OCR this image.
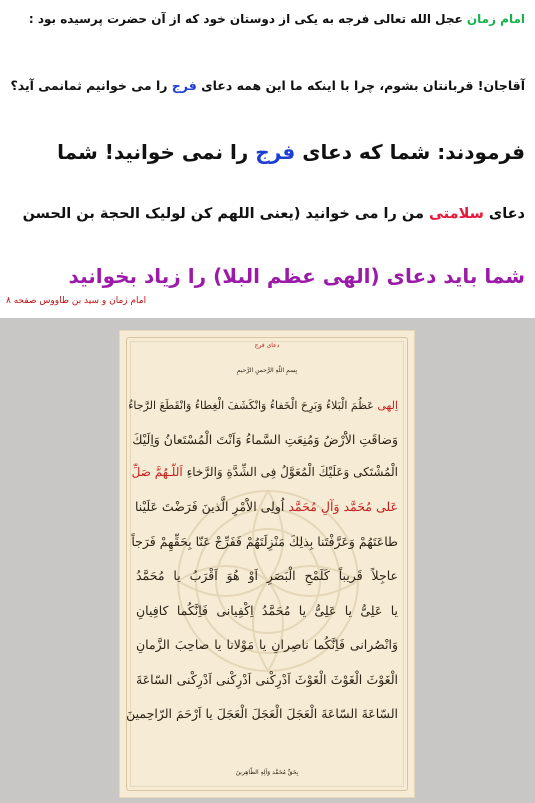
امام زمان عجل الله تعالی فرجه به یکی از دوستان خود که از آن حضرت پرسیده بود :
آقاجان! قربانتان بشوم، چرا با اینکه ما این همه دعای فرج را می خوانیم ثمانمی آید؟
فرمودند: شما که دعای فرج را نمی خوانید! شما
دعای سلامتی من را می خوانید (یعنی اللهم کن لولیک الحجة بن الحسن
شما باید دعای (الهی عظم البلا) را زیاد بخوانید
امام زمان و سید بن طاووس صفحه ۸
دعای فرج
بِسمِ اللّهِ الرَّحمنِ الرَّحيمِ
اِلهى عَظُمَ الْبَلاءُ وَبَرِحَ الْخَفاءُ وَانْكَشَفَ الْغِطاءُ وَانْقَطَعَ الرَّجاءُ
وَضاقَتِ الاَْرْضُ وَمُنِعَتِ السَّماءُ وَاَنْتَ الْمُسْتَعانُ وَاِلَيْكَ
الْمُشْتَكى وَعَلَيْكَ الْمُعَوَّلُ فِى الشِّدَّةِ وَالرَّخاءِ اَللّـهُمَّ صَلِّ
عَلى مُحَمَّد وَآلِ مُحَمَّد اُولِى الاَْمْرِ الَّذينَ فَرَضْتَ عَلَيْنا
طاعَتَهُمْ وَعَرَّفْتَنا بِذلِكَ مَنْزِلَتَهُمْ فَفَرِّجْ عَنّا بِحَقِّهِمْ فَرَجاً
عاجِلاً قَريباً كَلَمْحِ الْبَصَرِ اَوْ هُوَ اَقْرَبُ يا مُحَمَّدُ
يا عَلِىُّ يا عَلِىُّ يا مُحَمَّدُ اِكْفِيانى فَاِنَّكُما كافِيانِ
وَانْصُرانى فَاِنَّكُما ناصِرانِ يا مَوْلانا يا صاحِبَ الزَّمانِ
الْغَوْثَ الْغَوْثَ الْغَوْثَ اَدْرِكْنى اَدْرِكْنى اَدْرِكْنى السّاعَةَ
السّاعَةَ السّاعَةَ الْعَجَلَ الْعَجَلَ الْعَجَلَ يا اَرْحَمَ الرّاحِمينَ
بِحَقِّ مُحَمَّد وَآلِهِ الطّاهِرينَ
